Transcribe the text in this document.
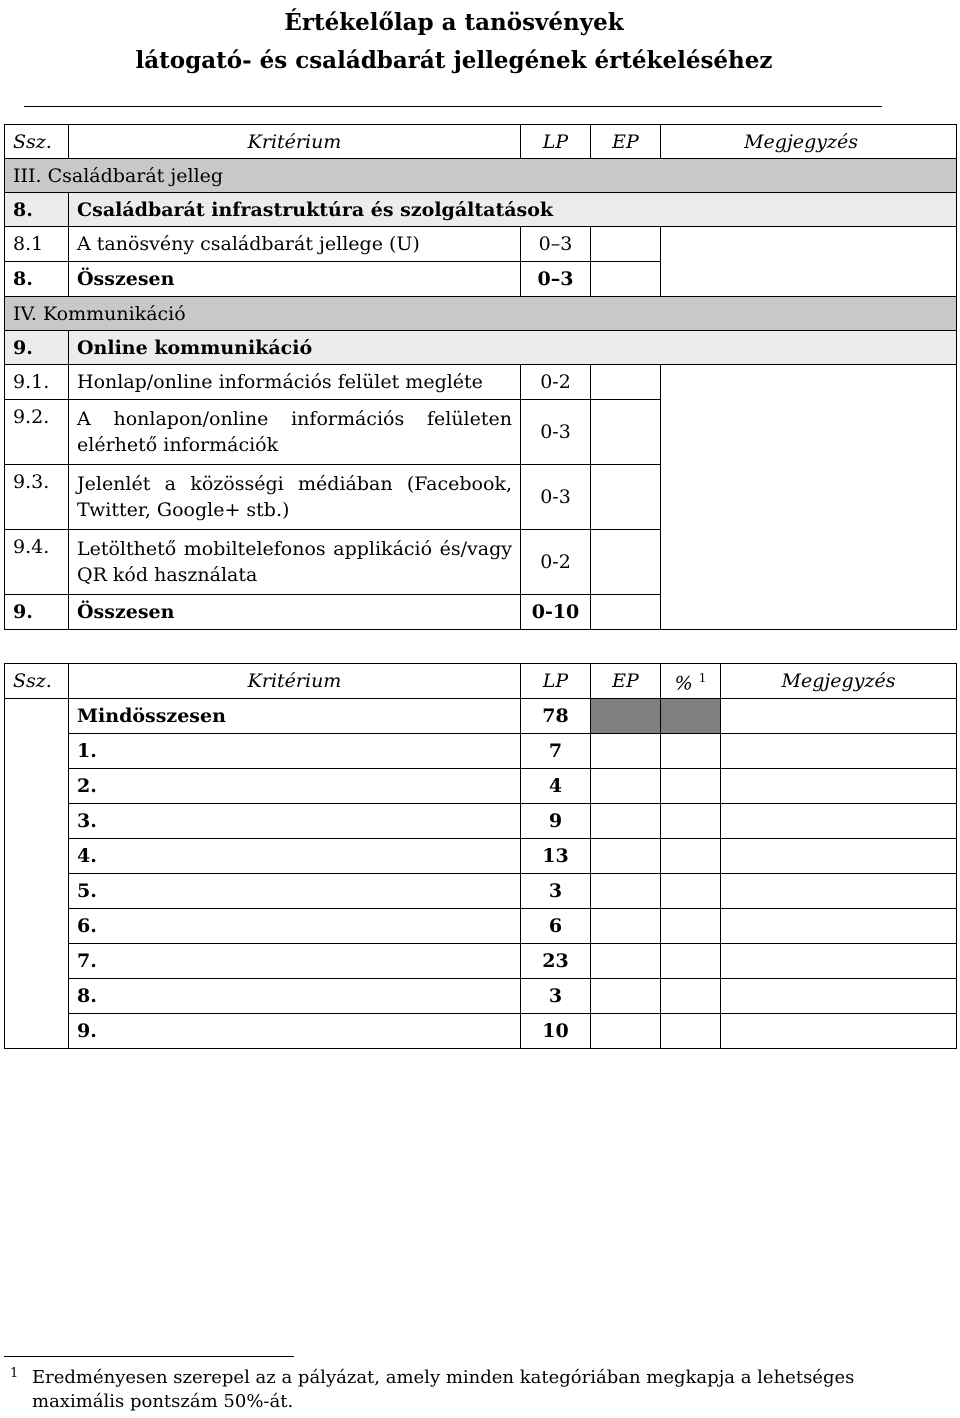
Értékelőlap a tanösvények
látogató- és családbarát jellegének értékeléséhez
Ssz.	Kritérium	LP	EP	Megjegyzés
III. Családbarát jelleg				
8.	Családbarát infrastruktúra és szolgáltatások			
8.1	A tanösvény családbarát jellege (U)	0–3		
8.	Összesen	0–3		
IV. Kommunikáció				
9.	Online kommunikáció			
9.1.	Honlap/online információs felület megléte	0-2		
9.2.	A honlapon/online információs felületen elérhető információk	0-3		
9.3.	Jelenlét a közösségi médiában (Facebook, Twitter, Google+ stb.)	0-3		
9.4.	Letölthető mobiltelefonos applikáció és/vagy QR kód használata	0-2		
9.	Összesen	0-10		
Ssz.	Kritérium	LP	EP	% $^1$	Megjegyzés
	Mindösszesen	78			
	1.	7			
	2.	4			
	3.	9			
	4.	13			
	5.	3			
	6.	6			
	7.	23			
	8.	3			
	9.	10			
1 Eredményesen szerepel az a pályázat, amely minden kategóriában megkapja a lehetséges maximális pontszám 50%-át.
